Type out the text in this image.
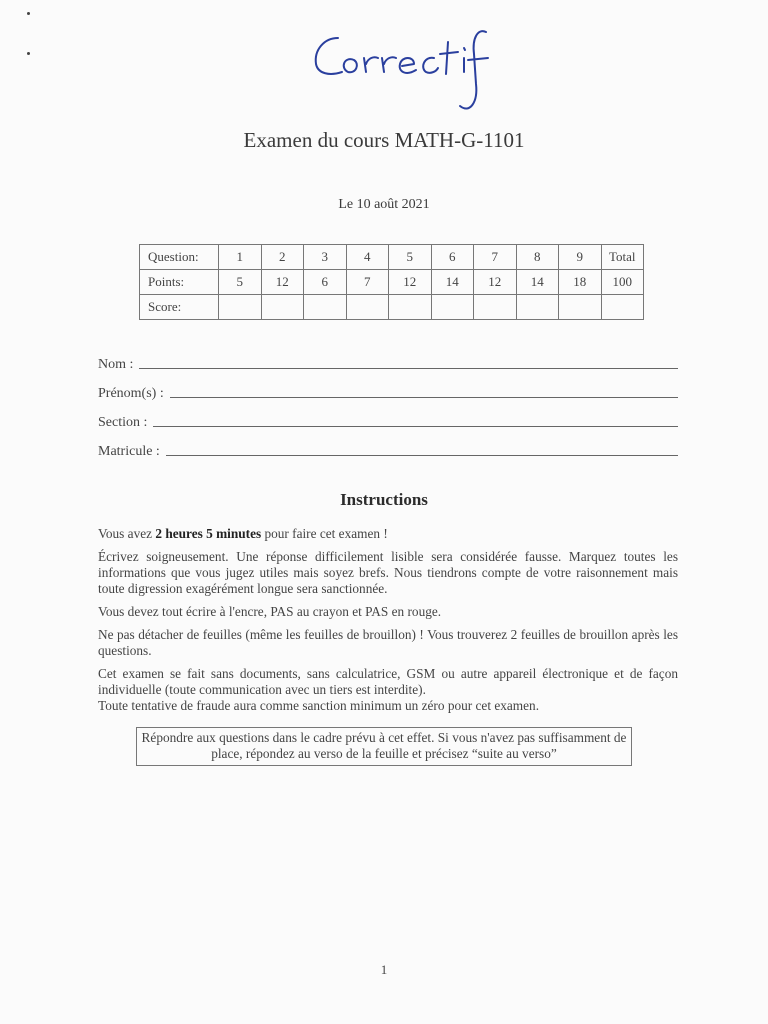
Examen du cours MATH-G-1101
Le 10 août 2021
Question:	1	2	3	4	5	6	7	8	9	Total
Points:	5	12	6	7	12	14	12	14	18	100
Score:										
Nom :
Prénom(s) :
Section :
Matricule :
Instructions

Vous avez 2 heures 5 minutes pour faire cet examen !

Écrivez soigneusement. Une réponse difficilement lisible sera considérée fausse. Marquez toutes les informations que vous jugez utiles mais soyez brefs. Nous tiendrons compte de votre raisonnement mais toute digression exagérément longue sera sanctionnée.

Vous devez tout écrire à l'encre, PAS au crayon et PAS en rouge.

Ne pas détacher de feuilles (même les feuilles de brouillon) ! Vous trouverez 2 feuilles de brouillon après les questions.

Cet examen se fait sans documents, sans calculatrice, GSM ou autre appareil électronique et de façon individuelle (toute communication avec un tiers est interdite).
Toute tentative de fraude aura comme sanction minimum un zéro pour cet examen.

Répondre aux questions dans le cadre prévu à cet effet. Si vous n'avez pas suffisamment de place, répondez au verso de la feuille et précisez “suite au verso”
1
